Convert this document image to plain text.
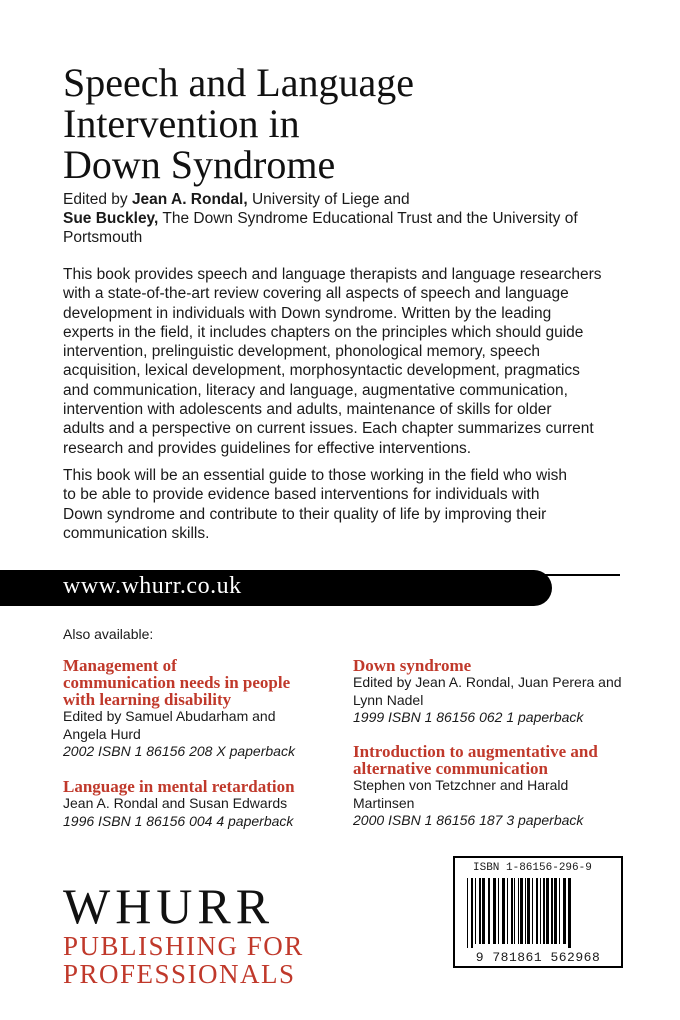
Speech and Language
Intervention in
Down Syndrome
Edited by Jean A. Rondal, University of Liege and
Sue Buckley, The Down Syndrome Educational Trust and the University of
Portsmouth
This book provides speech and language therapists and language researchers
with a state-of-the-art review covering all aspects of speech and language
development in individuals with Down syndrome. Written by the leading
experts in the field, it includes chapters on the principles which should guide
intervention, prelinguistic development, phonological memory, speech
acquisition, lexical development, morphosyntactic development, pragmatics
and communication, literacy and language, augmentative communication,
intervention with adolescents and adults, maintenance of skills for older
adults and a perspective on current issues. Each chapter summarizes current
research and provides guidelines for effective interventions.
This book will be an essential guide to those working in the field who wish
to be able to provide evidence based interventions for individuals with
Down syndrome and contribute to their quality of life by improving their
communication skills.
www.whurr.co.uk
Also available:
Management of
communication needs in people
with learning disability
Edited by Samuel Abudarham and
Angela Hurd
2002 ISBN 1 86156 208 X paperback
Language in mental retardation
Jean A. Rondal and Susan Edwards
1996 ISBN 1 86156 004 4 paperback
Down syndrome
Edited by Jean A. Rondal, Juan Perera and
Lynn Nadel
1999 ISBN 1 86156 062 1 paperback
Introduction to augmentative and
alternative communication
Stephen von Tetzchner and Harald
Martinsen
2000 ISBN 1 86156 187 3 paperback
WHURR
PUBLISHING FOR
PROFESSIONALS
ISBN 1-86156-296-9
9 781861 562968
